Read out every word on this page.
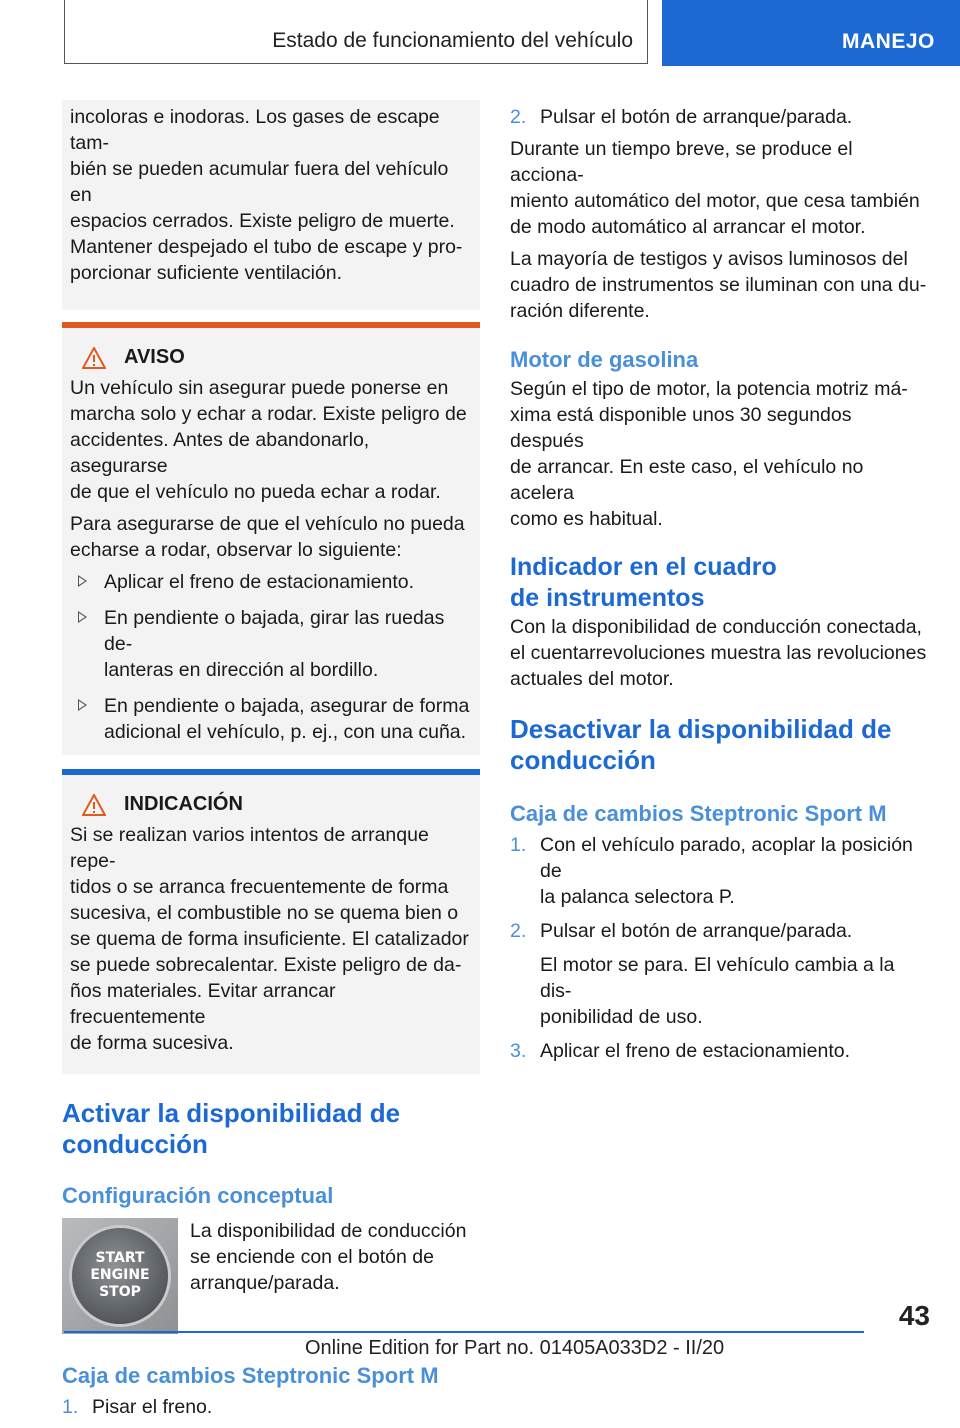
Estado de funcionamiento del vehículo	MANEJO

incoloras e inodoras. Los gases de escape tam-

bién se pueden acumular fuera del vehículo en

espacios cerrados. Existe peligro de muerte.

Mantener despejado el tubo de escape y pro-

porcionar suficiente ventilación.

AVISO

Un vehículo sin asegurar puede ponerse en

marcha solo y echar a rodar. Existe peligro de

accidentes. Antes de abandonarlo, asegurarse

de que el vehículo no pueda echar a rodar.

Para asegurarse de que el vehículo no pueda

echarse a rodar, observar lo siguiente:

Aplicar el freno de estacionamiento.
En pendiente o bajada, girar las ruedas de-
lanteras en dirección al bordillo.
En pendiente o bajada, asegurar de forma
adicional el vehículo, p. ej., con una cuña.
INDICACIÓN

Si se realizan varios intentos de arranque repe-

tidos o se arranca frecuentemente de forma

sucesiva, el combustible no se quema bien o

se quema de forma insuficiente. El catalizador

se puede sobrecalentar. Existe peligro de da-

ños materiales. Evitar arrancar frecuentemente

de forma sucesiva.

Activar la disponibilidad de
conducción
Configuración conceptual
START
ENGINE
STOP

La disponibilidad de conducción

se enciende con el botón de

arranque/parada.

Caja de cambios Steptronic Sport M
1. Pisar el freno.
2. Pulsar el botón de arranque/parada.

Durante un tiempo breve, se produce el acciona-

miento automático del motor, que cesa también

de modo automático al arrancar el motor.

La mayoría de testigos y avisos luminosos del

cuadro de instrumentos se iluminan con una du-

ración diferente.

Motor de gasolina

Según el tipo de motor, la potencia motriz má-

xima está disponible unos 30 segundos después

de arrancar. En este caso, el vehículo no acelera

como es habitual.

Indicador en el cuadro
de instrumentos

Con la disponibilidad de conducción conectada,

el cuentarrevoluciones muestra las revoluciones

actuales del motor.

Desactivar la disponibilidad de
conducción
Caja de cambios Steptronic Sport M
1. Con el vehículo parado, acoplar la posición de
la palanca selectora P.
2. Pulsar el botón de arranque/parada.
El motor se para. El vehículo cambia a la dis-
ponibilidad de uso.
3. Aplicar el freno de estacionamiento.
43
Online Edition for Part no. 01405A033D2 - II/20
